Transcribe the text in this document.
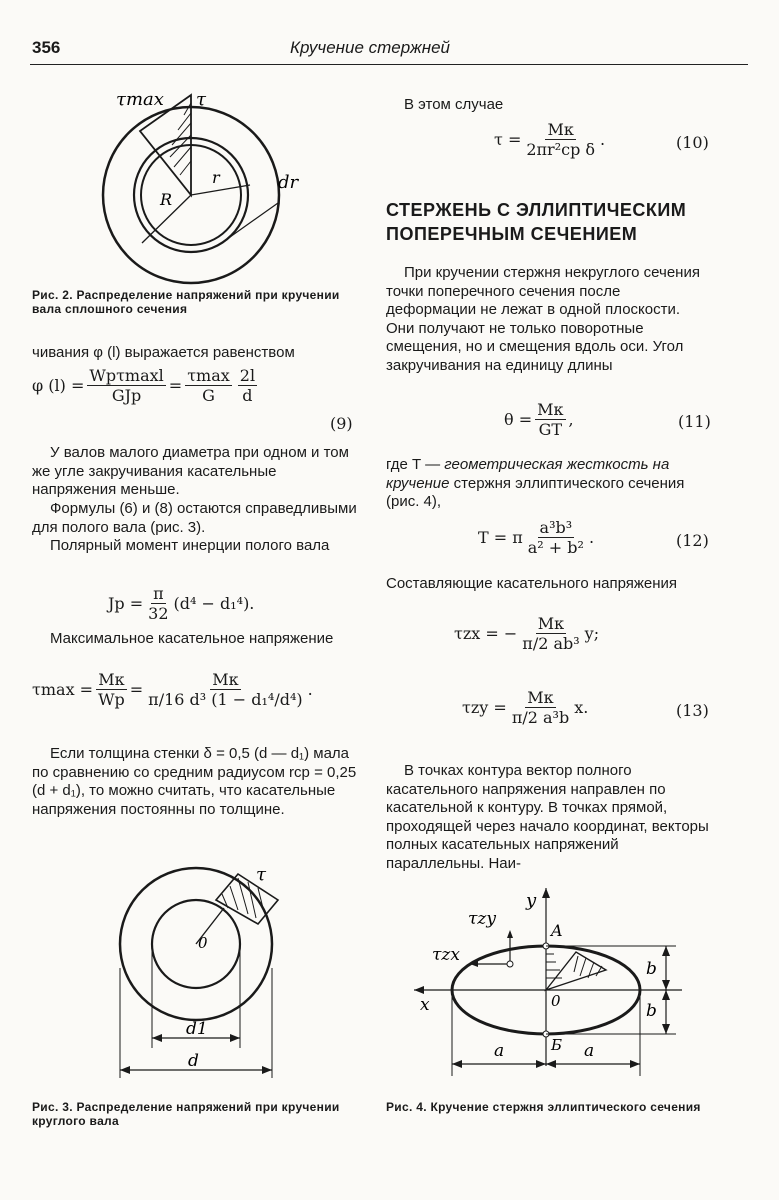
356	Кручение стержней
τmax τ
R
r	dr
Рис. 2. Распределение напряжений при кручении вала сплошного сечения
чивания φ (l) выражается равенством
φ $(l) = \frac{\text{Wpτmaxl}}{\text{GJp}} = \frac{\tau\max}{G} \frac{2l}{d}$
(9)
У валов малого диаметра при одном и том же угле закручивания касательные напряжения меньше.
Формулы (6) и (8) остаются справедливыми для полого вала (рис. 3).
Полярный момент инерции полого вала
$Jp = \frac{\pi}{32} (d^4 - d_1^4)$.
Максимальное касательное напряжение
$\tau\max = \frac{Mк}{Wp} = \frac{Mк}{\text{π/16 d³ (1 − d₁⁴/d⁴)}}$ .
Если толщина стенки δ = 0,5 (d — d₁) мала по сравнению со средним радиусом rср = 0,25 (d + d₁), то можно считать, что касательные напряжения постоянны по толщине.
τ
0
d1
d
Рис. 3. Распределение напряжений при кручении круглого вала
В этом случае
$\tau = \frac{Mк}{\text{2πr²ср δ}}$ .	(10)
СТЕРЖЕНЬ С ЭЛЛИПТИЧЕСКИМ ПОПЕРЕЧНЫМ СЕЧЕНИЕМ
При кручении стержня некруглого сечения точки поперечного сечения после деформации не лежат в одной плоскости. Они получают не только поворотные смещения, но и смещения вдоль оси. Угол закручивания на единицу длины
$\theta = \frac{Mк}{GT}$ ,	(11)
где T — геометрическая жесткость на кручение стержня эллиптического сечения (рис. 4),
T = π $\frac{\text{a³b³}}{\text{a² + b²}}$ .	(12)
Составляющие касательного напряжения
τzx = − $\frac{Mк}{\text{π/2 ab³}} y$;
$\tau zy = \frac{Mк}{\text{π/2 a³b}} x$.	(13)
В точках контура вектор полного касательного напряжения направлен по касательной к контуру. В точках прямой, проходящей через начало координат, векторы полных касательных напряжений параллельны. Наи-
y
x
A
Б
0
τzy
τzx
a	a
b
b
Рис. 4. Кручение стержня эллиптического сечения
